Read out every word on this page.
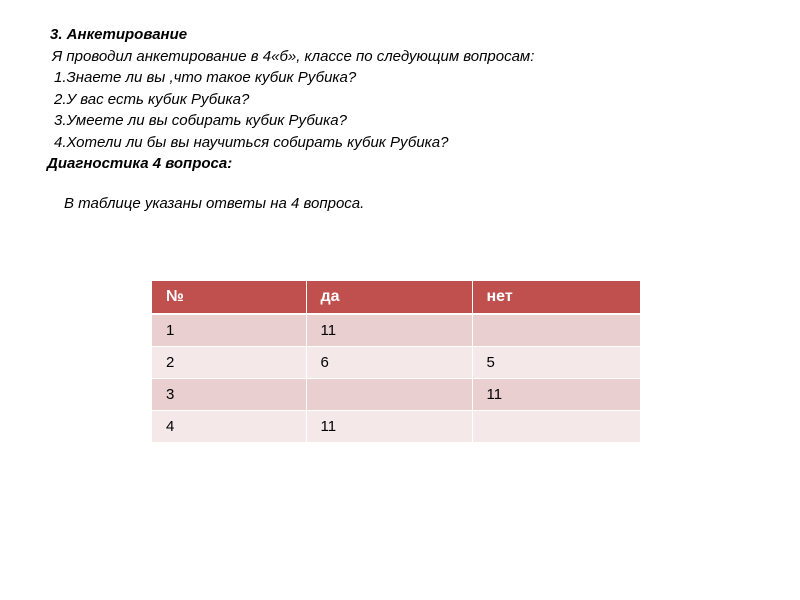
3. Анкетирование
Я проводил анкетирование в 4«б», классе по следующим вопросам:
1.Знаете ли вы ,что такое кубик Рубика?
2.У вас есть кубик Рубика?
3.Умеете ли вы собирать кубик Рубика?
4.Хотели ли бы вы научиться собирать кубик Рубика?
Диагностика 4 вопроса:
В таблице указаны ответы на 4 вопроса.
№	да	нет
1	11	
2	6	5
3		11
4	11	
